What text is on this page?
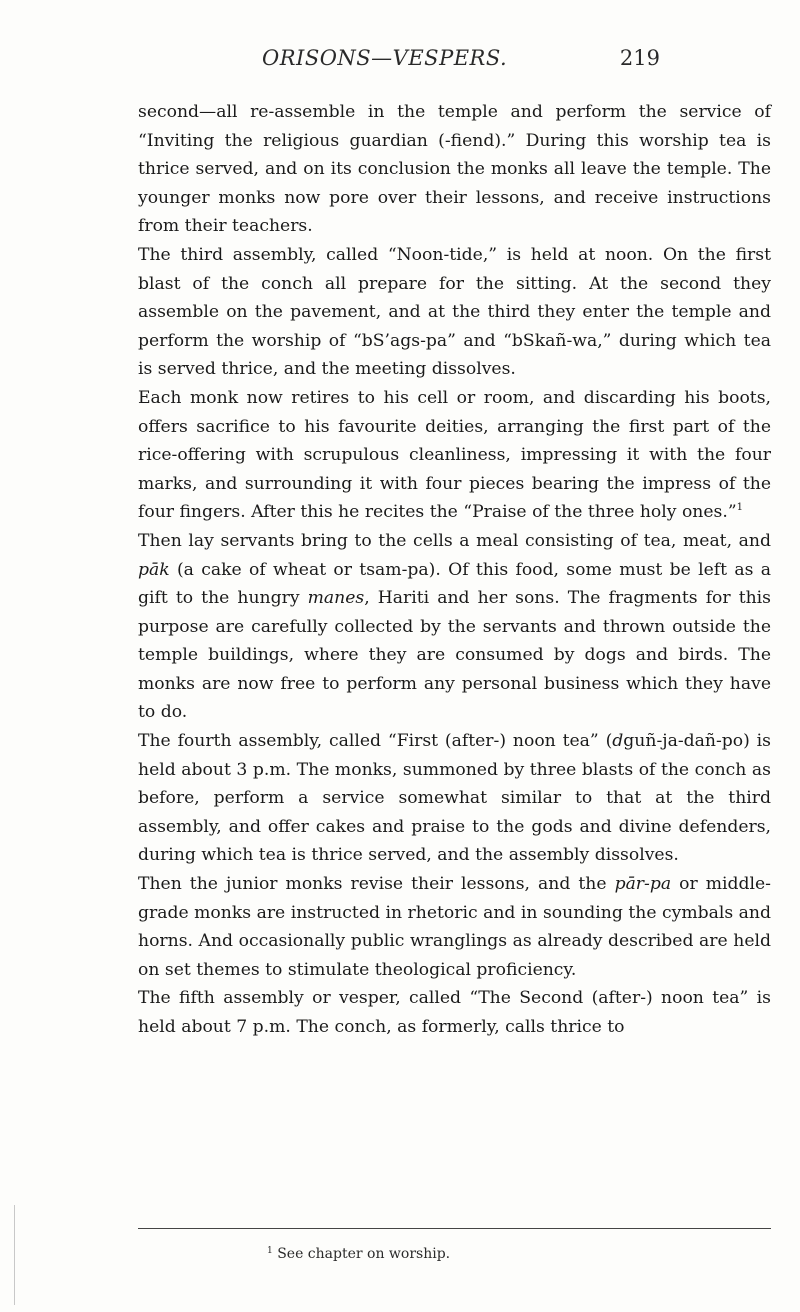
ORISONS—VESPERS.	219

second—all re-assemble in the temple and perform the service of “Inviting the religious guardian (-fiend).” During this worship tea is thrice served, and on its conclusion the monks all leave the temple. The younger monks now pore over their lessons, and receive instructions from their teachers.

The third assembly, called “Noon-tide,” is held at noon. On the first blast of the conch all prepare for the sitting. At the second they assemble on the pavement, and at the third they enter the temple and perform the worship of “bS’ags-pa” and “bSkañ-wa,” during which tea is served thrice, and the meeting dissolves.

Each monk now retires to his cell or room, and discarding his boots, offers sacrifice to his favourite deities, arranging the first part of the rice-offering with scrupulous cleanliness, impressing it with the four marks, and surrounding it with four pieces bearing the impress of the four fingers. After this he recites the “Praise of the three holy ones.”$^1$

Then lay servants bring to the cells a meal consisting of tea, meat, and pāk (a cake of wheat or tsam-pa). Of this food, some must be left as a gift to the hungry manes, Hariti and her sons. The fragments for this purpose are carefully collected by the servants and thrown outside the temple buildings, where they are consumed by dogs and birds. The monks are now free to perform any personal business which they have to do.

The fourth assembly, called “First (after-) noon tea” (dguñ-ja-dañ-po) is held about 3 p.m. The monks, summoned by three blasts of the conch as before, perform a service somewhat similar to that at the third assembly, and offer cakes and praise to the gods and divine defenders, during which tea is thrice served, and the assembly dissolves.

Then the junior monks revise their lessons, and the pār-pa or middle-grade monks are instructed in rhetoric and in sounding the cymbals and horns. And occasionally public wranglings as already described are held on set themes to stimulate theological proficiency.

The fifth assembly or vesper, called “The Second (after-) noon tea” is held about 7 p.m. The conch, as formerly, calls thrice to

$^1$ See chapter on worship.
